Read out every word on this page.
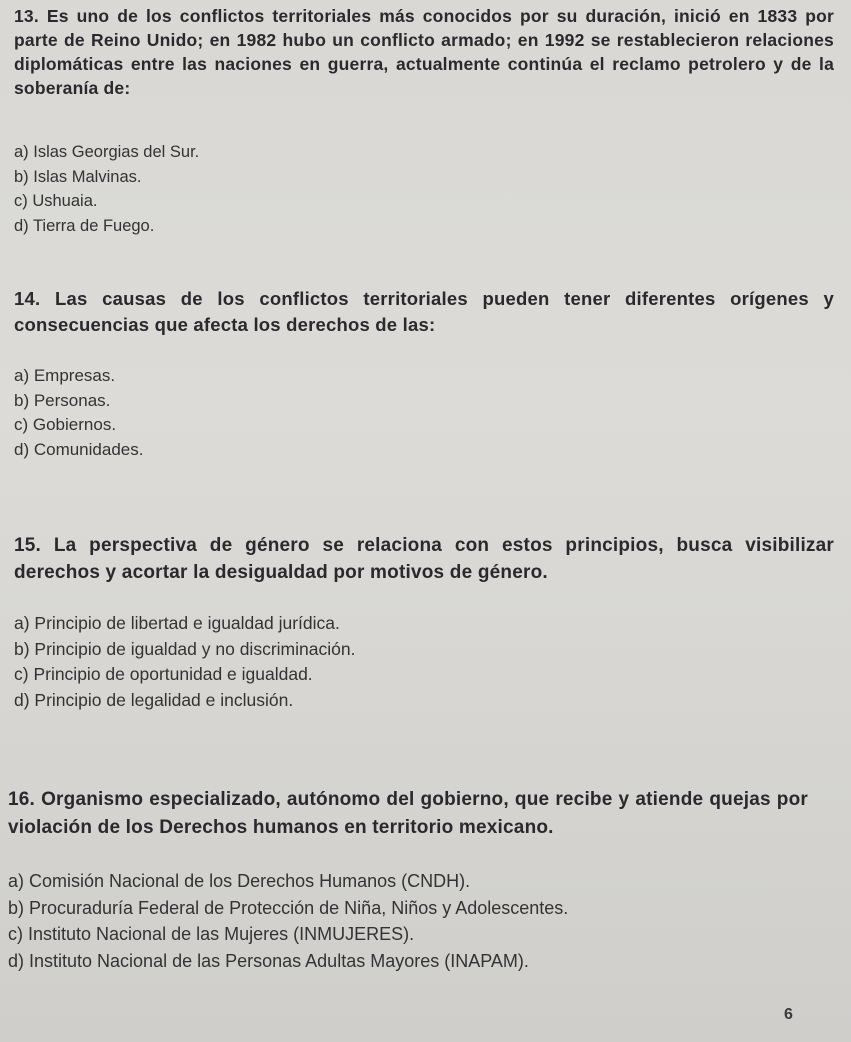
13. Es uno de los conflictos territoriales más conocidos por su duración, inició en 1833 por parte de Reino Unido; en 1982 hubo un conflicto armado; en 1992 se restablecieron relaciones diplomáticas entre las naciones en guerra, actualmente continúa el reclamo petrolero y de la soberanía de:

a) Islas Georgias del Sur.
b) Islas Malvinas.
c) Ushuaia.
d) Tierra de Fuego.

14. Las causas de los conflictos territoriales pueden tener diferentes orígenes y consecuencias que afecta los derechos de las:

a) Empresas.
b) Personas.
c) Gobiernos.
d) Comunidades.

15. La perspectiva de género se relaciona con estos principios, busca visibilizar derechos y acortar la desigualdad por motivos de género.

a) Principio de libertad e igualdad jurídica.
b) Principio de igualdad y no discriminación.
c) Principio de oportunidad e igualdad.
d) Principio de legalidad e inclusión.

16. Organismo especializado, autónomo del gobierno, que recibe y atiende quejas por violación de los Derechos humanos en territorio mexicano.

a) Comisión Nacional de los Derechos Humanos (CNDH).
b) Procuraduría Federal de Protección de Niña, Niños y Adolescentes.
c) Instituto Nacional de las Mujeres (INMUJERES).
d) Instituto Nacional de las Personas Adultas Mayores (INAPAM).
6
